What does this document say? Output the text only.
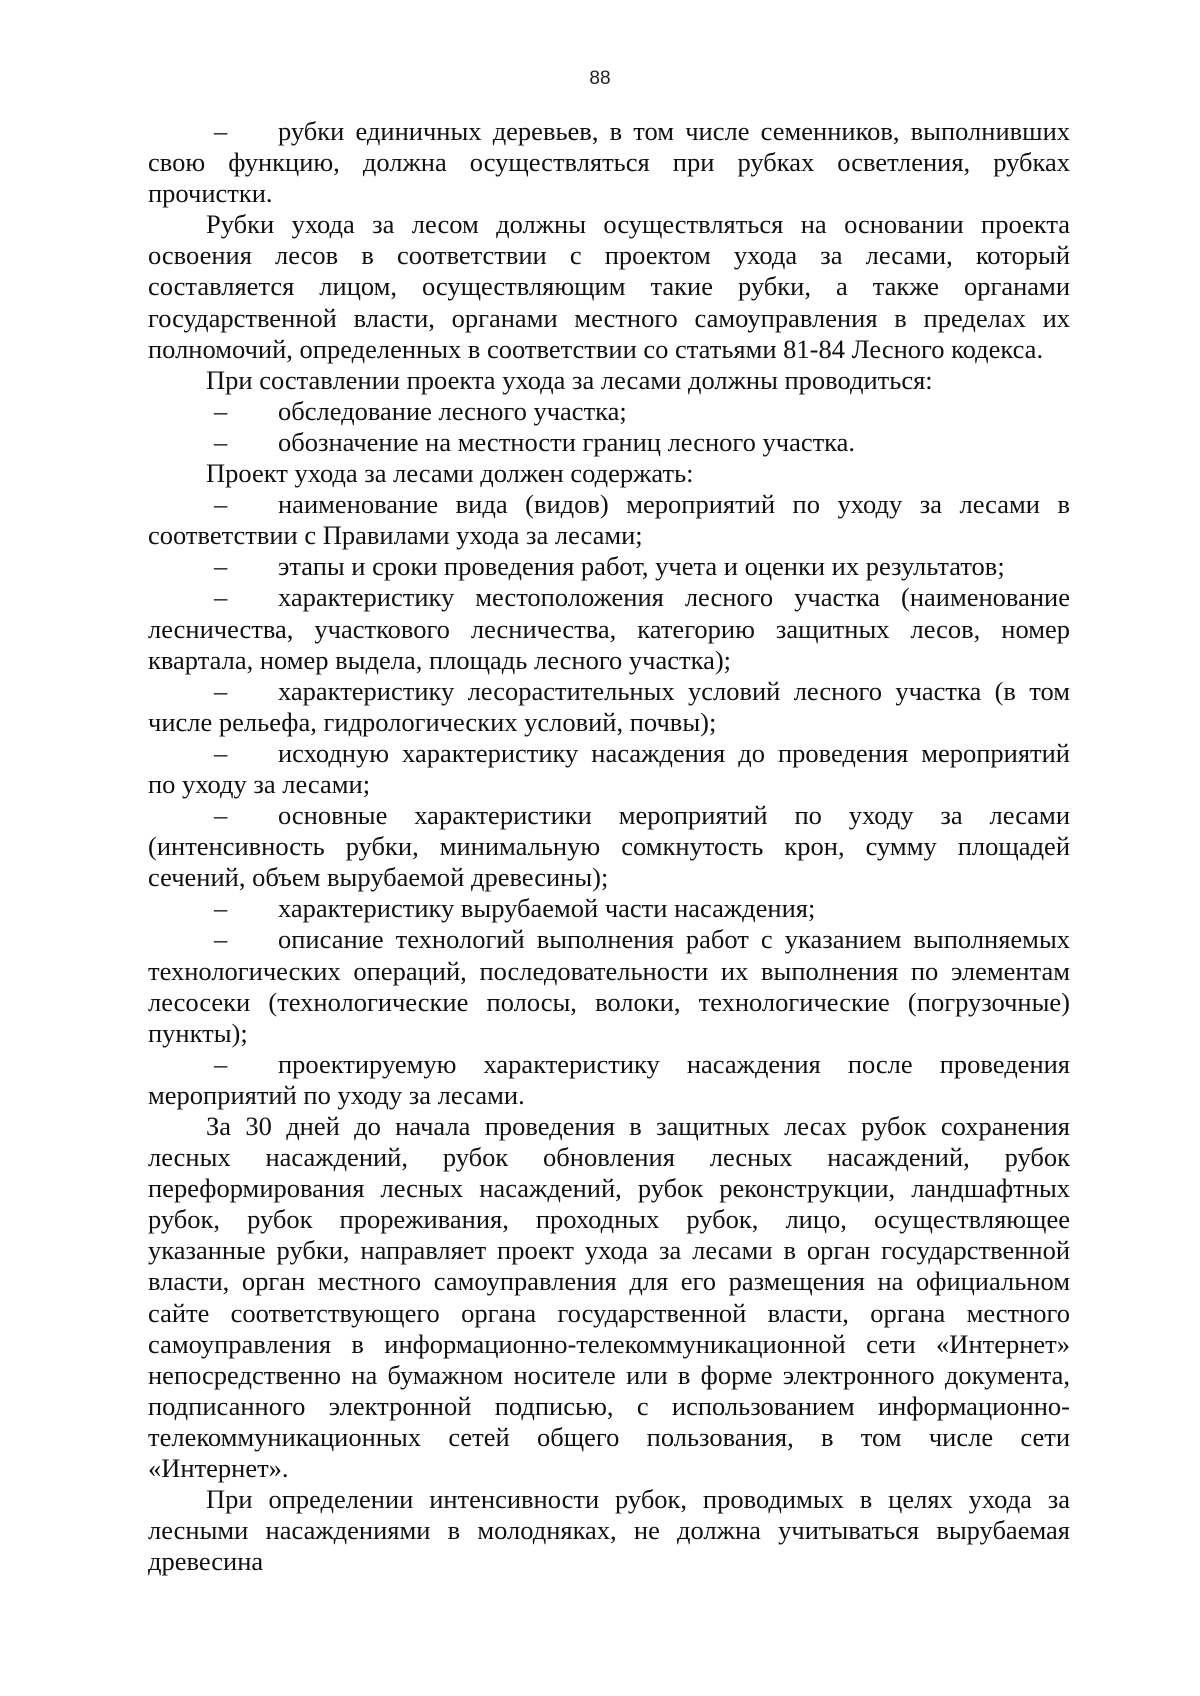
88

– рубки единичных деревьев, в том числе семенников, выполнивших свою функцию, должна осуществляться при рубках осветления, рубках прочистки.

Рубки ухода за лесом должны осуществляться на основании проекта освоения лесов в соответствии с проектом ухода за лесами, который составляется лицом, осуществляющим такие рубки, а также органами государственной власти, органами местного самоуправления в пределах их полномочий, определенных в соответствии со статьями 81-84 Лесного кодекса.

При составлении проекта ухода за лесами должны проводиться:

– обследование лесного участка;

– обозначение на местности границ лесного участка.

Проект ухода за лесами должен содержать:

– наименование вида (видов) мероприятий по уходу за лесами в соответствии с Правилами ухода за лесами;

– этапы и сроки проведения работ, учета и оценки их результатов;

– характеристику местоположения лесного участка (наименование лесничества, участкового лесничества, категорию защитных лесов, номер квартала, номер выдела, площадь лесного участка);

– характеристику лесорастительных условий лесного участка (в том числе рельефа, гидрологических условий, почвы);

– исходную характеристику насаждения до проведения мероприятий по уходу за лесами;

– основные характеристики мероприятий по уходу за лесами (интенсивность рубки, минимальную сомкнутость крон, сумму площадей сечений, объем вырубаемой древесины);

– характеристику вырубаемой части насаждения;

– описание технологий выполнения работ с указанием выполняемых технологических операций, последовательности их выполнения по элементам лесосеки (технологические полосы, волоки, технологические (погрузочные) пункты);

– проектируемую характеристику насаждения после проведения мероприятий по уходу за лесами.

За 30 дней до начала проведения в защитных лесах рубок сохранения лесных насаждений, рубок обновления лесных насаждений, рубок переформирования лесных насаждений, рубок реконструкции, ландшафтных рубок, рубок прореживания, проходных рубок, лицо, осуществляющее указанные рубки, направляет проект ухода за лесами в орган государственной власти, орган местного самоуправления для его размещения на официальном сайте соответствующего органа государственной власти, органа местного самоуправления в информационно-телекоммуникационной сети «Интернет» непосредственно на бумажном носителе или в форме электронного документа, подписанного электронной подписью, с использованием информационно-телекоммуникационных сетей общего пользования, в том числе сети «Интернет».

При определении интенсивности рубок, проводимых в целях ухода за лесными насаждениями в молодняках, не должна учитываться вырубаемая древесина
